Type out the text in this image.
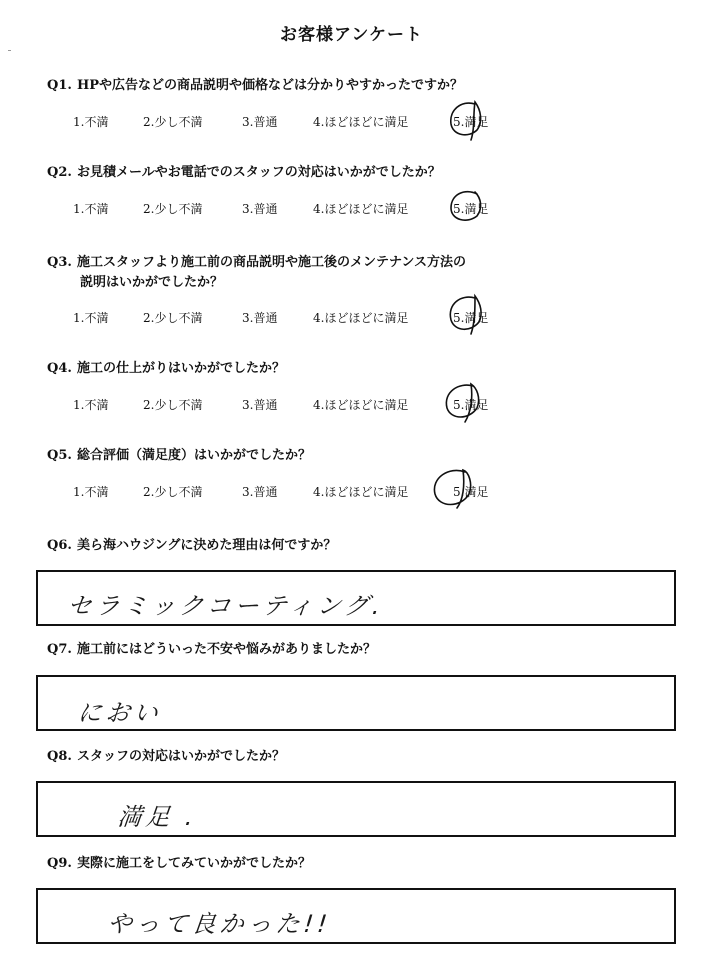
お客様アンケート
Q1. HPや広告などの商品説明や価格などは分かりやすかったですか？
1.不満	2.少し不満	3.普通	4.ほどほどに満足	5.満足
Q2. お見積メールやお電話でのスタッフの対応はいかがでしたか？
1.不満	2.少し不満	3.普通	4.ほどほどに満足	5.満足
Q3. 施工スタッフより施工前の商品説明や施工後のメンテナンス方法の
説明はいかがでしたか？
1.不満	2.少し不満	3.普通	4.ほどほどに満足	5.満足
Q4. 施工の仕上がりはいかがでしたか？
1.不満	2.少し不満	3.普通	4.ほどほどに満足	5.満足
Q5. 総合評価（満足度）はいかがでしたか？
1.不満	2.少し不満	3.普通	4.ほどほどに満足	5.満足
Q6. 美ら海ハウジングに決めた理由は何ですか？
セラミックコーティング.
Q7. 施工前にはどういった不安や悩みがありましたか？
におい
Q8. スタッフの対応はいかがでしたか？
満足 .
Q9. 実際に施工をしてみていかがでしたか？
やって良かった!!
